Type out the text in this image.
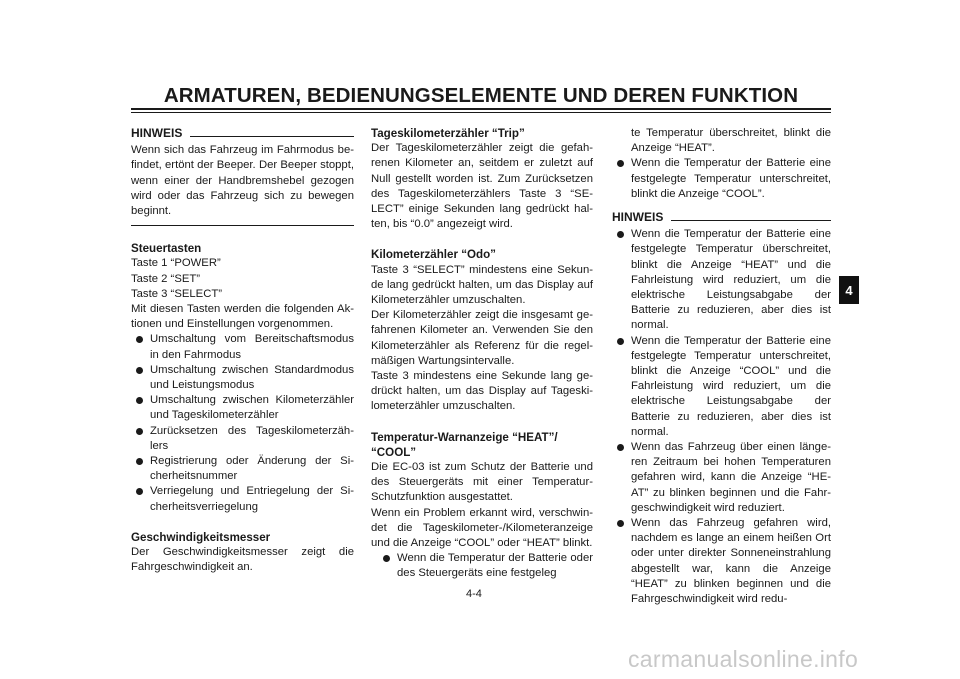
ARMATUREN, BEDIENUNGSELEMENTE UND DEREN FUNKTION
HINWEIS

Wenn sich das Fahrzeug im Fahrmodus befindet, ertönt der Beeper. Der Beeper stoppt, wenn einer der Handbremshebel gezogen wird oder das Fahrzeug sich zu bewegen beginnt.

Steuertasten

Taste 1 “POWER”

Taste 2 “SET”

Taste 3 “SELECT”

Mit diesen Tasten werden die folgenden Aktionen und Einstellungen vorgenommen.

Umschaltung vom Bereitschaftsmodus in den Fahrmodus
Umschaltung zwischen Standardmodus und Leistungsmodus
Umschaltung zwischen Kilometerzähler und Tageskilometerzähler
Zurücksetzen des Tageskilometerzählers
Registrierung oder Änderung der Sicherheitsnummer
Verriegelung und Entriegelung der Sicherheitsverriegelung

Geschwindigkeitsmesser

Der Geschwindigkeitsmesser zeigt die Fahrgeschwindigkeit an.

Tageskilometerzähler “Trip”

Der Tageskilometerzähler zeigt die gefahrenen Kilometer an, seitdem er zuletzt auf Null gestellt worden ist. Zum Zurücksetzen des Tageskilometerzählers Taste 3 “SELECT” einige Sekunden lang gedrückt halten, bis “0.0” angezeigt wird.

Kilometerzähler “Odo”

Taste 3 “SELECT” mindestens eine Sekunde lang gedrückt halten, um das Display auf Kilometerzähler umzuschalten.

Der Kilometerzähler zeigt die insgesamt gefahrenen Kilometer an. Verwenden Sie den Kilometerzähler als Referenz für die regelmäßigen Wartungsintervalle.

Taste 3 mindestens eine Sekunde lang gedrückt halten, um das Display auf Tageskilometerzähler umzuschalten.

Temperatur-Warnanzeige “HEAT”/

“COOL”

Die EC-03 ist zum Schutz der Batterie und des Steuergeräts mit einer Temperatur-Schutzfunktion ausgestattet.

Wenn ein Problem erkannt wird, verschwindet die Tageskilometer-/Kilometeranzeige und die Anzeige “COOL” oder “HEAT” blinkt.

Wenn die Temperatur der Batterie oder des Steuergeräts eine festgeleg

te Temperatur überschreitet, blinkt die Anzeige “HEAT”.

Wenn die Temperatur der Batterie eine festgelegte Temperatur unterschreitet, blinkt die Anzeige “COOL”.
HINWEIS
Wenn die Temperatur der Batterie eine festgelegte Temperatur überschreitet, blinkt die Anzeige “HEAT” und die Fahrleistung wird reduziert, um die elektrische Leistungsabgabe der Batterie zu reduzieren, aber dies ist normal.
Wenn die Temperatur der Batterie eine festgelegte Temperatur unterschreitet, blinkt die Anzeige “COOL” und die Fahrleistung wird reduziert, um die elektrische Leistungsabgabe der Batterie zu reduzieren, aber dies ist normal.
Wenn das Fahrzeug über einen längeren Zeitraum bei hohen Temperaturen gefahren wird, kann die Anzeige “HEAT” zu blinken beginnen und die Fahrgeschwindigkeit wird reduziert.
Wenn das Fahrzeug gefahren wird, nachdem es lange an einem heißen Ort oder unter direkter Sonneneinstrahlung abgestellt war, kann die Anzeige “HEAT” zu blinken beginnen und die Fahrgeschwindigkeit wird redu-
4
4-4
carmanualsonline.info
